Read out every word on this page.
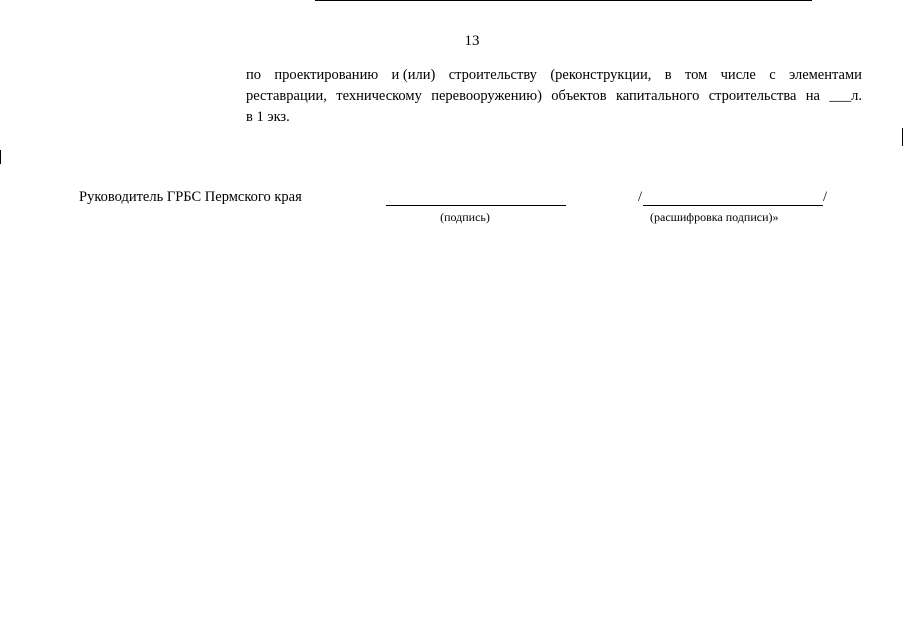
13
по проектированию и (или) строительству (реконструкции, в том числе с элементами
реставрации, техническому перевооружению) объектов капитального строительства на ___л.
в 1 экз.
Руководитель ГРБС Пермского края
(подпись)
/	/
(расшифровка подписи)»
